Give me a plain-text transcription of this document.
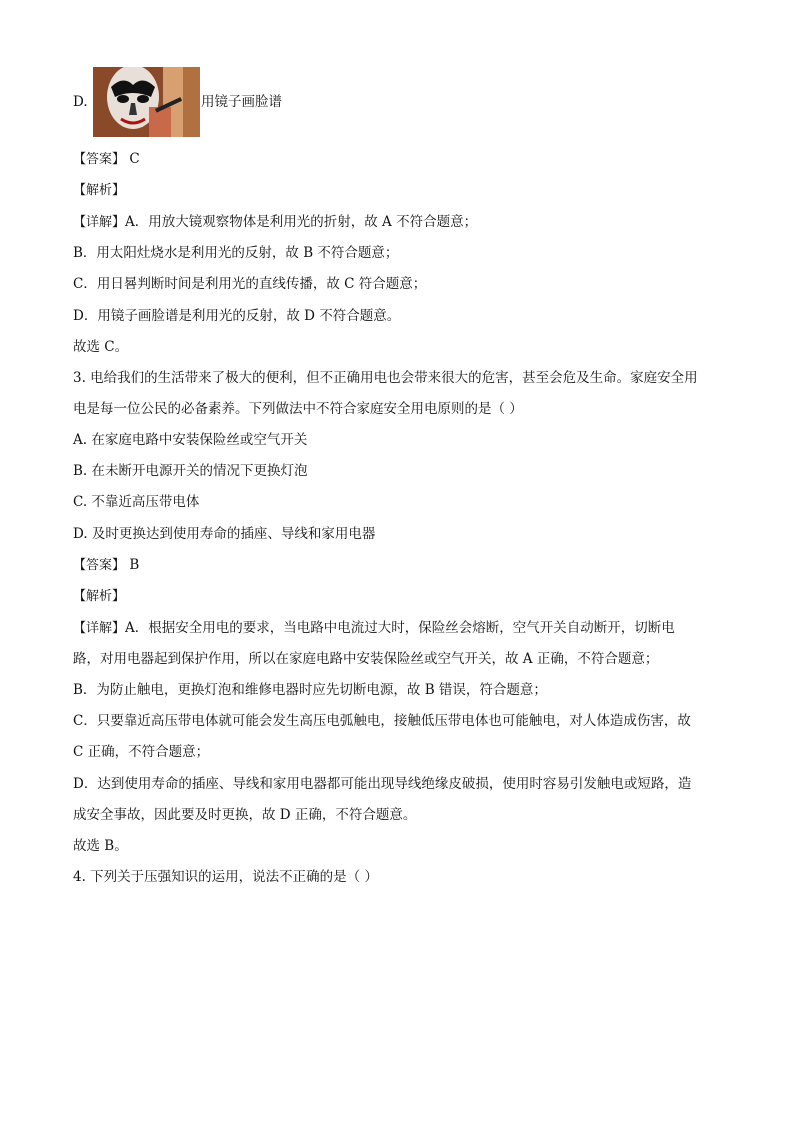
D.	用镜子画脸谱
【答案】 C
【解析】
【详解】A．用放大镜观察物体是利用光的折射，故 A 不符合题意；
B．用太阳灶烧水是利用光的反射，故 B 不符合题意；
C．用日晷判断时间是利用光的直线传播，故 C 符合题意；
D．用镜子画脸谱是利用光的反射，故 D 不符合题意。
故选 C。
3. 电给我们的生活带来了极大的便利，但不正确用电也会带来很大的危害，甚至会危及生命。家庭安全用
电是每一位公民的必备素养。下列做法中不符合家庭安全用电原则的是（ ）
A. 在家庭电路中安装保险丝或空气开关
B. 在未断开电源开关的情况下更换灯泡
C. 不靠近高压带电体
D. 及时更换达到使用寿命的插座、导线和家用电器
【答案】 B
【解析】
【详解】A．根据安全用电的要求，当电路中电流过大时，保险丝会熔断，空气开关自动断开，切断电
路，对用电器起到保护作用，所以在家庭电路中安装保险丝或空气开关，故 A 正确，不符合题意；
B．为防止触电，更换灯泡和维修电器时应先切断电源，故 B 错误，符合题意；
C．只要靠近高压带电体就可能会发生高压电弧触电，接触低压带电体也可能触电，对人体造成伤害，故
C 正确，不符合题意；
D．达到使用寿命的插座、导线和家用电器都可能出现导线绝缘皮破损，使用时容易引发触电或短路，造
成安全事故，因此要及时更换，故 D 正确，不符合题意。
故选 B。
4. 下列关于压强知识的运用，说法不正确的是（ ）
